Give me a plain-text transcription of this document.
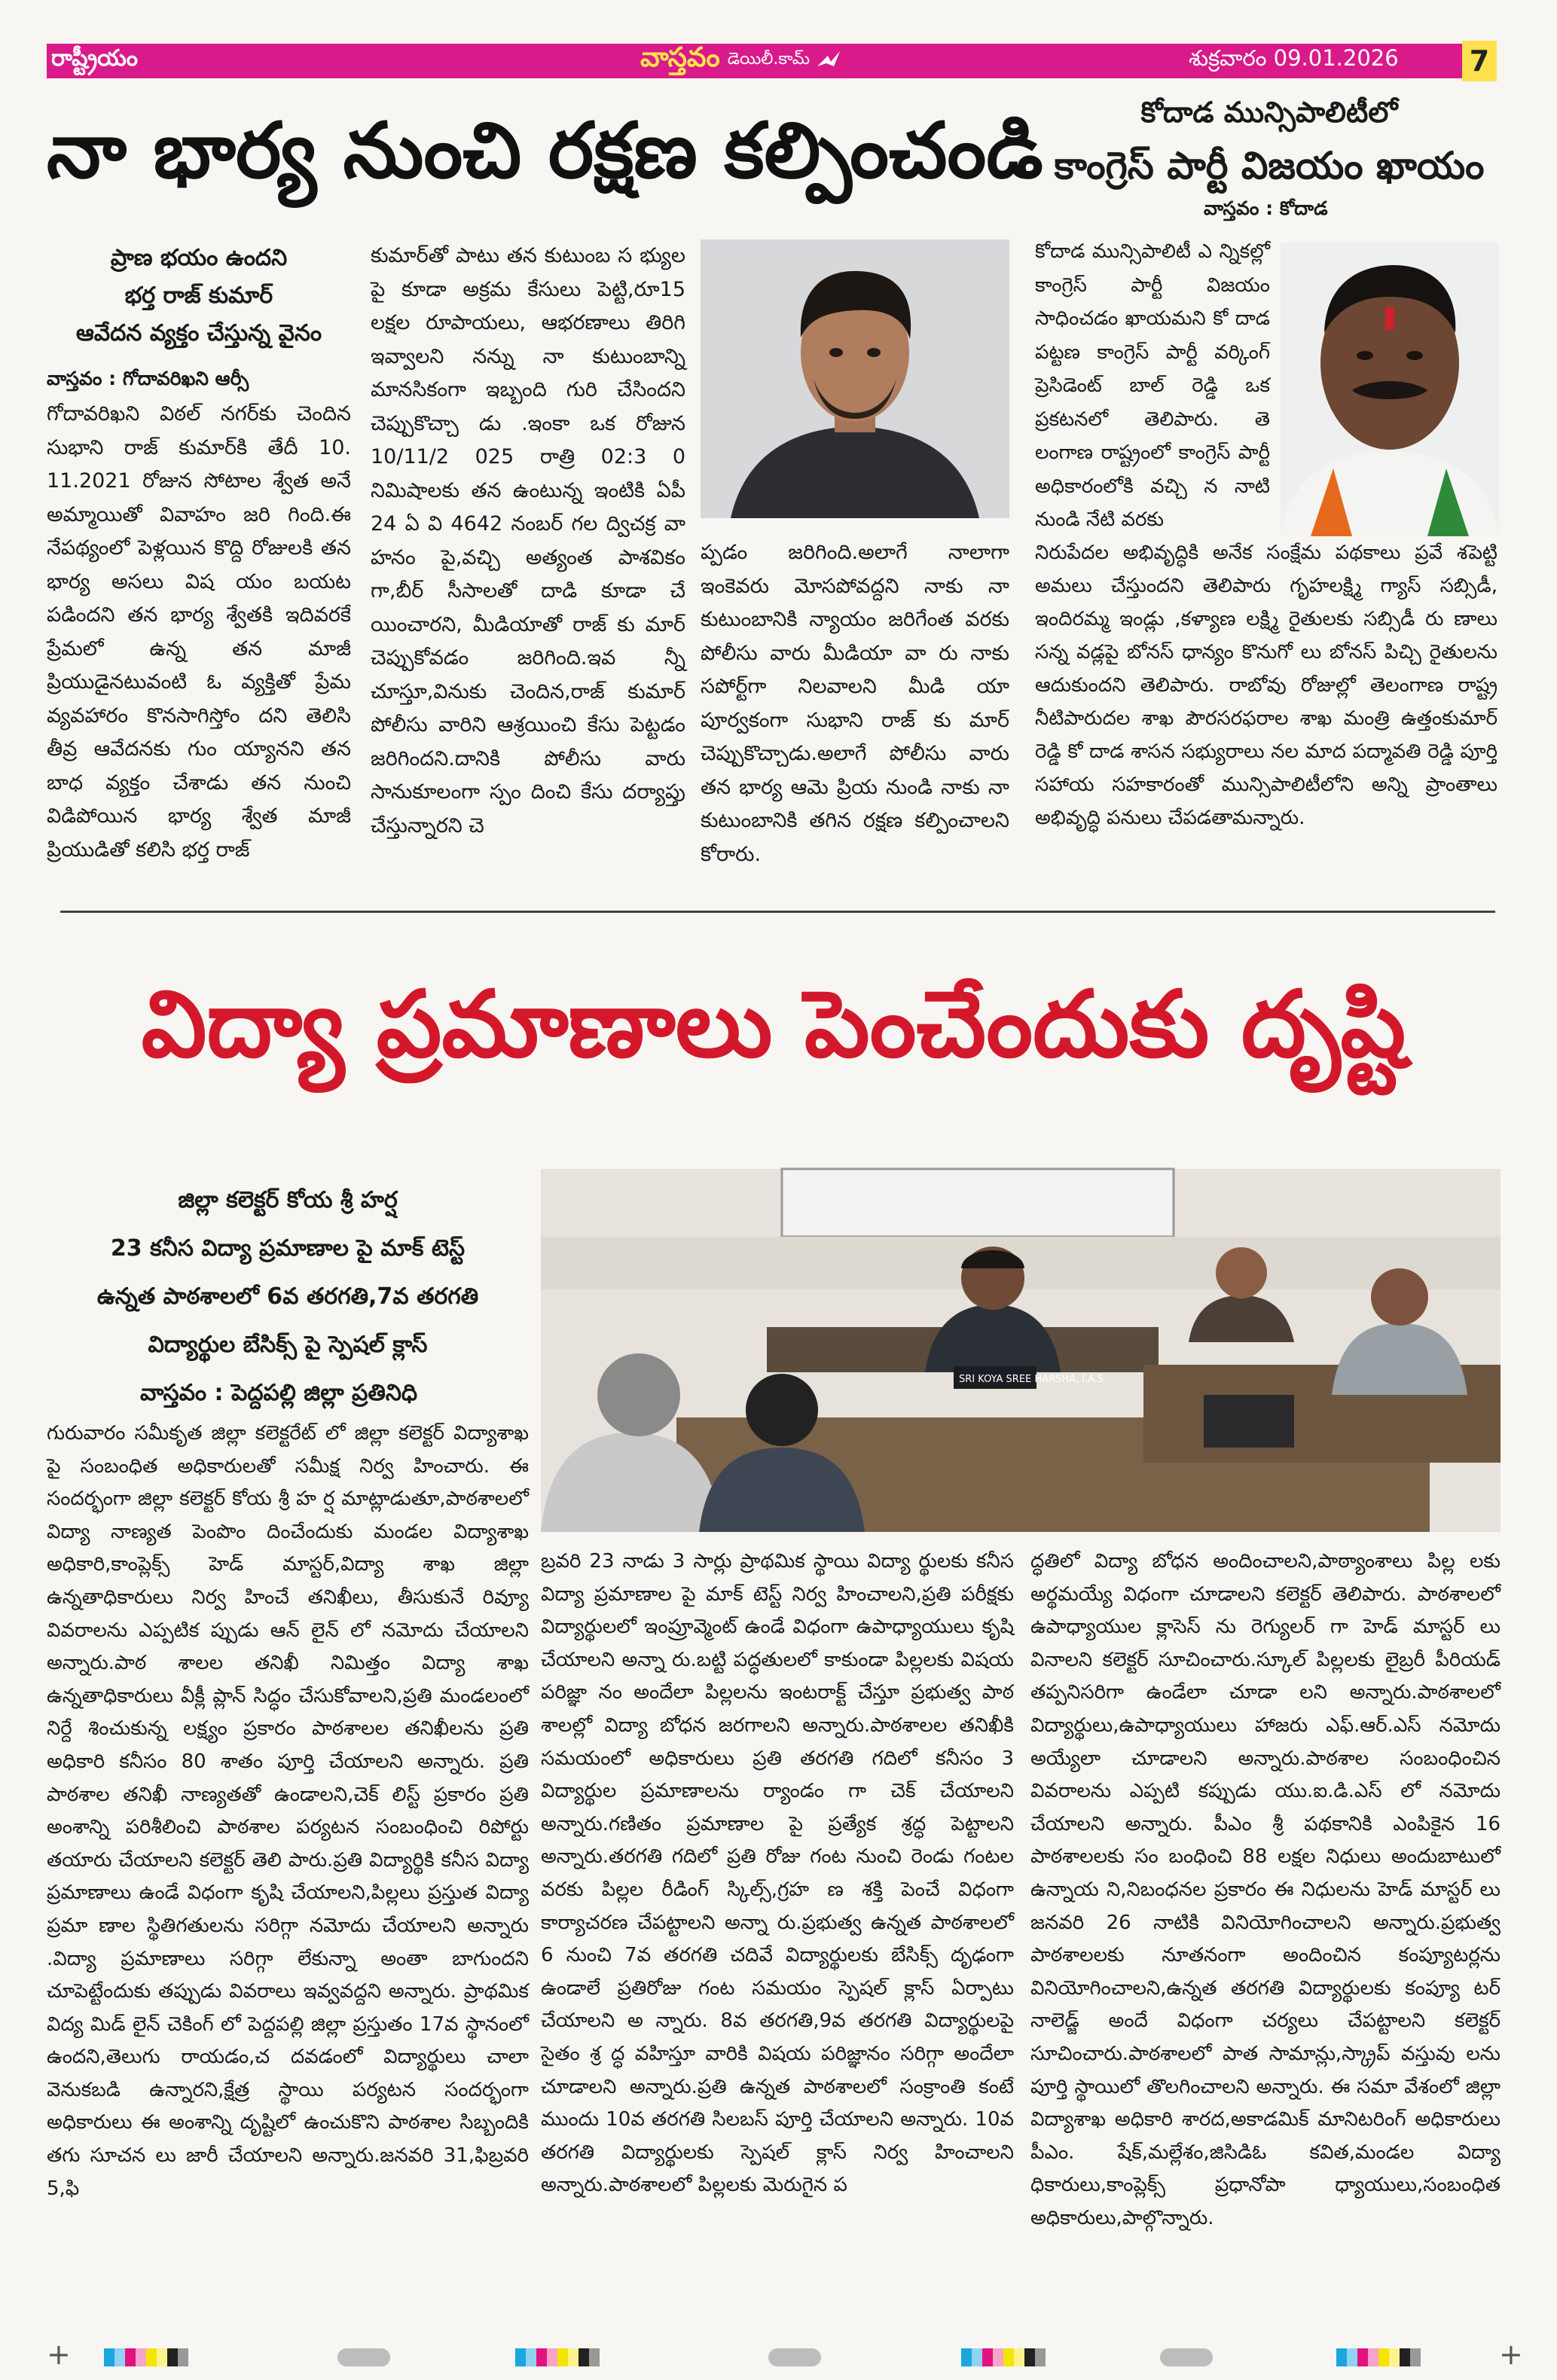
రాష్ట్రీయం	వాస్తవం డెయిలీ.కామ్	శుక్రవారం 09.01.2026 7
నా భార్య నుంచి రక్షణ కల్పించండి
ప్రాణ భయం ఉందని
భర్త రాజ్ కుమార్
ఆవేదన వ్యక్తం చేస్తున్న వైనం
వాస్తవం : గోదావరిఖని ఆర్సీ
గోదావరిఖని విఠల్ నగర్‌కు చెందిన సుభాని రాజ్ కుమార్‌కి తేదీ 10. 11.2021 రోజున సోటాల శ్వేత అనే అమ్మాయితో వివాహం జరి గింది.ఈ నేపథ్యంలో పెళ్లయిన కొద్ది రోజులకి తన భార్య అసలు విష యం బయట పడిందని తన భార్య శ్వేతకి ఇదివరకే ప్రేమలో ఉన్న తన మాజీ ప్రియుడైనటువంటి ఓ వ్యక్తితో ప్రేమ వ్యవహారం కొనసాగిస్తోం దని తెలిసి తీవ్ర ఆవేదనకు గుం య్యానని తన బాధ వ్యక్తం చేశాడు తన నుంచి విడిపోయిన భార్య శ్వేత మాజీ ప్రియుడితో కలిసి భర్త రాజ్
కుమార్‌తో పాటు తన కుటుంబ స భ్యుల పై కూడా అక్రమ కేసులు పెట్టి,రూ15 లక్షల రూపాయలు, ఆభరణాలు తిరిగి ఇవ్వాలని నన్ను నా కుటుంబాన్ని మానసికంగా ఇబ్బంది గురి చేసిందని చెప్పుకొచ్చా డు .ఇంకా ఒక రోజున 10/11/2 025 రాత్రి 02:3 0 నిమిషాలకు తన ఉంటున్న ఇంటికి ఏపీ 24 ఏ వి 4642 నంబర్ గల ద్విచక్ర వా హనం పై,వచ్చి అత్యంత పాశవికం గా,బీర్ సీసాలతో దాడి కూడా చే యించారని, మీడియాతో రాజ్ కు మార్ చెప్పుకోవడం జరిగింది.ఇవ న్నీ చూస్తూ,వినుకు చెందిన,రాజ్ కుమార్ పోలీసు వారిని ఆశ్రయించి కేసు పెట్టడం జరిగిందని.దానికి పోలీసు వారు సానుకూలంగా స్పం దించి కేసు దర్యాప్తు చేస్తున్నారని చె
ప్పడం జరిగింది.అలాగే నాలాగా ఇంకెవరు మోసపోవద్దని నాకు నా కుటుంబానికి న్యాయం జరిగేంత వరకు పోలీసు వారు మీడియా వా రు నాకు సపోర్ట్‌గా నిలవాలని మీడి యా పూర్వకంగా సుభాని రాజ్ కు మార్ చెప్పుకొచ్చాడు.అలాగే పోలీసు వారు తన భార్య ఆమె ప్రియ నుండి నాకు నా కుటుంబానికి తగిన రక్షణ కల్పించాలని కోరారు.
కోదాడ మున్సిపాలిటీలో
కాంగ్రెస్ పార్టీ విజయం ఖాయం
వాస్తవం : కోదాడ
కోదాడ మున్సిపాలిటీ ఎ న్నికల్లో కాంగ్రెస్ పార్టీ విజయం సాధించడం ఖాయమని కో దాడ పట్టణ కాంగ్రెస్ పార్టీ వర్కింగ్ ప్రెసిడెంట్ బాల్ రెడ్డి ఒక ప్రకటనలో తెలిపారు. తె లంగాణ రాష్ట్రంలో కాంగ్రెస్ పార్టీ అధికారంలోకి వచ్చి న నాటి నుండి నేటి వరకు
నిరుపేదల అభివృద్ధికి అనేక సంక్షేమ పథకాలు ప్రవే శపెట్టి అమలు చేస్తుందని తెలిపారు గృహలక్ష్మి గ్యాస్ సబ్సిడీ, ఇందిరమ్మ ఇండ్లు ,కళ్యాణ లక్ష్మి రైతులకు సబ్సిడీ రు ణాలు సన్న వడ్లపై బోనస్ ధాన్యం కొనుగో లు బోనస్ పిచ్చి రైతులను ఆదుకుందని తెలిపారు. రాబోవు రోజుల్లో తెలంగాణ రాష్ట్ర నీటిపారుదల శాఖ పౌరసరఫరాల శాఖ మంత్రి ఉత్తంకుమార్ రెడ్డి కో దాడ శాసన సభ్యురాలు నల మాద పద్మావతి రెడ్డి పూర్తి సహాయ సహకారంతో మున్సిపాలిటీలోని అన్ని ప్రాంతాలు అభివృద్ధి పనులు చేపడతామన్నారు.
విద్యా ప్రమాణాలు పెంచేందుకు దృష్టి
జిల్లా కలెక్టర్ కోయ శ్రీ హర్ష
23 కనీస విద్యా ప్రమాణాల పై మాక్ టెస్ట్
ఉన్నత పాఠశాలలో 6వ తరగతి,7వ తరగతి
విద్యార్థుల బేసిక్స్ పై స్పెషల్ క్లాస్
వాస్తవం : పెద్దపల్లి జిల్లా ప్రతినిధి
SRI KOYA SREE HARSHA, I.A.S.
గురువారం సమీకృత జిల్లా కలెక్టరేట్ లో జిల్లా కలెక్టర్ విద్యాశాఖ పై సంబంధిత అధికారులతో సమీక్ష నిర్వ హించారు. ఈ సందర్భంగా జిల్లా కలెక్టర్ కోయ శ్రీ హ ర్ష మాట్లాడుతూ,పాఠశాలలో విద్యా నాణ్యత పెంపొం దించేందుకు మండల విద్యాశాఖ అధికారి,కాంప్లెక్స్ హెడ్ మాస్టర్,విద్యా శాఖ జిల్లా ఉన్నతాధికారులు నిర్వ హించే తనిఖీలు, తీసుకునే రివ్యూ వివరాలను ఎప్పటిక ప్పుడు ఆన్ లైన్ లో నమోదు చేయాలని అన్నారు.పాఠ శాలల తనిఖీ నిమిత్తం విద్యా శాఖ ఉన్నతాధికారులు వీక్లీ ప్లాన్ సిద్ధం చేసుకోవాలని,ప్రతి మండలంలో నిర్దే శించుకున్న లక్ష్యం ప్రకారం పాఠశాలల తనిఖీలను ప్రతి అధికారి కనీసం 80 శాతం పూర్తి చేయాలని అన్నారు. ప్రతి పాఠశాల తనిఖీ నాణ్యతతో ఉండాలని,చెక్ లిస్ట్ ప్రకారం ప్రతి అంశాన్ని పరిశీలించి పాఠశాల పర్యటన సంబంధించి రిపోర్టు తయారు చేయాలని కలెక్టర్ తెలి పారు.ప్రతి విద్యార్థికి కనీస విద్యా ప్రమాణాలు ఉండే విధంగా కృషి చేయాలని,పిల్లలు ప్రస్తుత విద్యా ప్రమా ణాల స్థితిగతులను సరిగ్గా నమోదు చేయాలని అన్నారు .విద్యా ప్రమాణాలు సరిగ్గా లేకున్నా అంతా బాగుందని చూపెట్టేందుకు తప్పుడు వివరాలు ఇవ్వవద్దని అన్నారు. ప్రాథమిక విద్య మిడ్ లైన్ చెకింగ్ లో పెద్దపల్లి జిల్లా ప్రస్తుతం 17వ స్థానంలో ఉందని,తెలుగు రాయడం,చ దవడంలో విద్యార్థులు చాలా వెనుకబడి ఉన్నారని,క్షేత్ర స్థాయి పర్యటన సందర్భంగా అధికారులు ఈ అంశాన్ని దృష్టిలో ఉంచుకొని పాఠశాల సిబ్బందికి తగు సూచన లు జారీ చేయాలని అన్నారు.జనవరి 31,ఫిబ్రవరి 5,ఫి
బ్రవరి 23 నాడు 3 సార్లు ప్రాథమిక స్థాయి విద్యా ర్థులకు కనీస విద్యా ప్రమాణాల పై మాక్ టెస్ట్ నిర్వ హించాలని,ప్రతి పరీక్షకు విద్యార్థులలో ఇంప్రూవ్మెంట్ ఉండే విధంగా ఉపాధ్యాయులు కృషి చేయాలని అన్నా రు.బట్టి పద్ధతులలో కాకుండా పిల్లలకు విషయ పరిజ్ఞా నం అందేలా పిల్లలను ఇంటరాక్ట్ చేస్తూ ప్రభుత్వ పాఠ శాలల్లో విద్యా బోధన జరగాలని అన్నారు.పాఠశాలల తనిఖీకి సమయంలో అధికారులు ప్రతి తరగతి గదిలో కనీసం 3 విద్యార్థుల ప్రమాణాలను ర్యాండం గా చెక్ చేయాలని అన్నారు.గణితం ప్రమాణాల పై ప్రత్యేక శ్రద్ధ పెట్టాలని అన్నారు.తరగతి గదిలో ప్రతి రోజు గంట నుంచి రెండు గంటల వరకు పిల్లల రీడింగ్ స్కిల్స్,గ్రహ ణ శక్తి పెంచే విధంగా కార్యాచరణ చేపట్టాలని అన్నా రు.ప్రభుత్వ ఉన్నత పాఠశాలలో 6 నుంచి 7వ తరగతి చదివే విద్యార్థులకు బేసిక్స్ దృఢంగా ఉండాలే ప్రతిరోజు గంట సమయం స్పెషల్ క్లాస్ ఏర్పాటు చేయాలని అ న్నారు. 8వ తరగతి,9వ తరగతి విద్యార్థులపై సైతం శ్ర ద్ధ వహిస్తూ వారికి విషయ పరిజ్ఞానం సరిగ్గా అందేలా చూడాలని అన్నారు.ప్రతి ఉన్నత పాఠశాలలో సంక్రాంతి కంటే ముందు 10వ తరగతి సిలబస్ పూర్తి చేయాలని అన్నారు. 10వ తరగతి విద్యార్థులకు స్పెషల్ క్లాస్ నిర్వ హించాలని అన్నారు.పాఠశాలలో పిల్లలకు మెరుగైన ప
ద్ధతిలో విద్యా బోధన అందించాలని,పాఠ్యాంశాలు పిల్ల లకు అర్థమయ్యే విధంగా చూడాలని కలెక్టర్ తెలిపారు. పాఠశాలలో ఉపాధ్యాయుల క్లాసెస్ ను రెగ్యులర్ గా హెడ్ మాస్టర్ లు వినాలని కలెక్టర్ సూచించారు.స్కూల్ పిల్లలకు లైబ్రరీ పీరియడ్ తప్పనిసరిగా ఉండేలా చూడా లని అన్నారు.పాఠశాలలో విద్యార్థులు,ఉపాధ్యాయులు హాజరు ఎఫ్.ఆర్.ఎస్ నమోదు అయ్యేలా చూడాలని అన్నారు.పాఠశాల సంబంధించిన వివరాలను ఎప్పటి కప్పుడు యు.ఐ.డి.ఎస్ లో నమోదు చేయాలని అన్నారు. పీఎం శ్రీ పథకానికి ఎంపికైన 16 పాఠశాలలకు సం బంధించి 88 లక్షల నిధులు అందుబాటులో ఉన్నాయ ని,నిబంధనల ప్రకారం ఈ నిధులను హెడ్ మాస్టర్ లు జనవరి 26 నాటికి వినియోగించాలని అన్నారు.ప్రభుత్వ పాఠశాలలకు నూతనంగా అందించిన కంప్యూటర్లను వినియోగించాలని,ఉన్నత తరగతి విద్యార్థులకు కంప్యూ టర్ నాలెడ్జ్ అందే విధంగా చర్యలు చేపట్టాలని కలెక్టర్ సూచించారు.పాఠశాలలో పాత సామాన్లు,స్క్రాప్ వస్తువు లను పూర్తి స్థాయిలో తొలగించాలని అన్నారు. ఈ సమా వేశంలో జిల్లా విద్యాశాఖ అధికారి శారద,అకాడమిక్ మానిటరింగ్ అధికారులు పీఎం. షేక్,మల్లేశం,జిసిడిఓ కవిత,మండల విద్యా ధికారులు,కాంప్లెక్స్ ప్రధానోపా ధ్యాయులు,సంబంధిత అధికారులు,పాల్గొన్నారు.
+	+
